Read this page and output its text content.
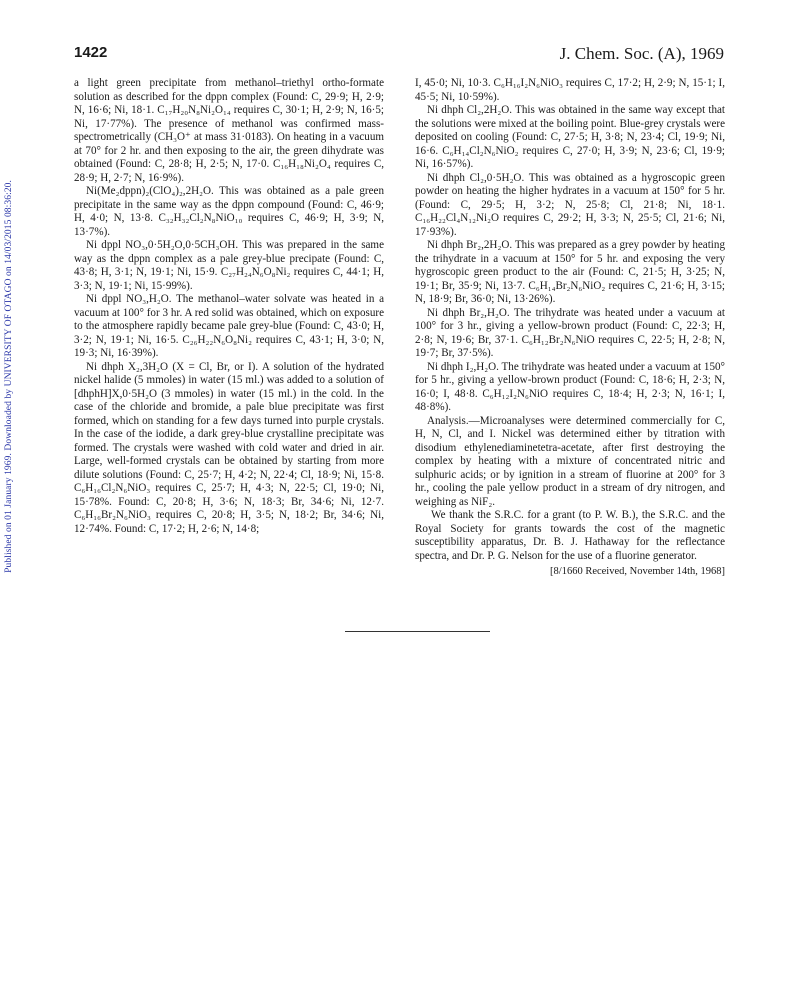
Published on 01 January 1969. Downloaded by UNIVERSITY OF OTAGO on 14/03/2015 08:36:20.
1422	J. Chem. Soc. (A), 1969

a light green precipitate from methanol–triethyl ortho-formate solution as described for the dppn complex (Found: C, 29·9; H, 2·9; N, 16·6; Ni, 18·1. C₁₇H₂₀N₈Ni₂O₁₄ requires C, 30·1; H, 2·9; N, 16·5; Ni, 17·77%). The presence of methanol was confirmed mass-spectrometrically (CH₃O⁺ at mass 31·0183). On heating in a vacuum at 70° for 2 hr. and then exposing to the air, the green dihydrate was obtained (Found: C, 28·8; H, 2·5; N, 17·0. C₁₆H₁₈Ni₂O₄ requires C, 28·9; H, 2·7; N, 16·9%).

Ni(Me₂dppn)₂(ClO₄)₂,2H₂O. This was obtained as a pale green precipitate in the same way as the dppn compound (Found: C, 46·9; H, 4·0; N, 13·8. C₃₂H₃₂Cl₂N₈NiO₁₀ requires C, 46·9; H, 3·9; N, 13·7%).

Ni dppl NO₃,0·5H₂O,0·5CH₃OH. This was prepared in the same way as the dppn complex as a pale grey-blue precipate (Found: C, 43·8; H, 3·1; N, 19·1; Ni, 15·9. C₂₇H₂₄N₆O₈Ni₂ requires C, 44·1; H, 3·3; N, 19·1; Ni, 15·99%).

Ni dppl NO₃,H₂O. The methanol–water solvate was heated in a vacuum at 100° for 3 hr. A red solid was obtained, which on exposure to the atmosphere rapidly became pale grey-blue (Found: C, 43·0; H, 3·2; N, 19·1; Ni, 16·5. C₂₆H₂₂N₆O₈Ni₂ requires C, 43·1; H, 3·0; N, 19·3; Ni, 16·39%).

Ni dhph X₂,3H₂O (X = Cl, Br, or I). A solution of the hydrated nickel halide (5 mmoles) in water (15 ml.) was added to a solution of [dhphH]X,0·5H₂O (3 mmoles) in water (15 ml.) in the cold. In the case of the chloride and bromide, a pale blue precipitate was first formed, which on standing for a few days turned into purple crystals. In the case of the iodide, a dark grey-blue crystalline precipitate was formed. The crystals were washed with cold water and dried in air. Large, well-formed crystals can be obtained by starting from more dilute solutions (Found: C, 25·7; H, 4·2; N, 22·4; Cl, 18·9; Ni, 15·8. C₆H₁₆Cl₂N₆NiO₃ requires C, 25·7; H, 4·3; N, 22·5; Cl, 19·0; Ni, 15·78%. Found: C, 20·8; H, 3·6; N, 18·3; Br, 34·6; Ni, 12·7. C₆H₁₆Br₂N₆NiO₃ requires C, 20·8; H, 3·5; N, 18·2; Br, 34·6; Ni, 12·74%. Found: C, 17·2; H, 2·6; N, 14·8;

I, 45·0; Ni, 10·3. C₆H₁₆I₂N₆NiO₃ requires C, 17·2; H, 2·9; N, 15·1; I, 45·5; Ni, 10·59%).

Ni dhph Cl₂,2H₂O. This was obtained in the same way except that the solutions were mixed at the boiling point. Blue-grey crystals were deposited on cooling (Found: C, 27·5; H, 3·8; N, 23·4; Cl, 19·9; Ni, 16·6. C₆H₁₄Cl₂N₆NiO₂ requires C, 27·0; H, 3·9; N, 23·6; Cl, 19·9; Ni, 16·57%).

Ni dhph Cl₂,0·5H₂O. This was obtained as a hygroscopic green powder on heating the higher hydrates in a vacuum at 150° for 5 hr. (Found: C, 29·5; H, 3·2; N, 25·8; Cl, 21·8; Ni, 18·1. C₁₆H₂₂Cl₄N₁₂Ni₂O requires C, 29·2; H, 3·3; N, 25·5; Cl, 21·6; Ni, 17·93%).

Ni dhph Br₂,2H₂O. This was prepared as a grey powder by heating the trihydrate in a vacuum at 150° for 5 hr. and exposing the very hygroscopic green product to the air (Found: C, 21·5; H, 3·25; N, 19·1; Br, 35·9; Ni, 13·7. C₆H₁₄Br₂N₆NiO₂ requires C, 21·6; H, 3·15; N, 18·9; Br, 36·0; Ni, 13·26%).

Ni dhph Br₂,H₂O. The trihydrate was heated under a vacuum at 100° for 3 hr., giving a yellow-brown product (Found: C, 22·3; H, 2·8; N, 19·6; Br, 37·1. C₆H₁₂Br₂N₆NiO requires C, 22·5; H, 2·8; N, 19·7; Br, 37·5%).

Ni dhph I₂,H₂O. The trihydrate was heated under a vacuum at 150° for 5 hr., giving a yellow-brown product (Found: C, 18·6; H, 2·3; N, 16·0; I, 48·8. C₆H₁₂I₂N₆NiO requires C, 18·4; H, 2·3; N, 16·1; I, 48·8%).

Analysis.—Microanalyses were determined commercially for C, H, N, Cl, and I. Nickel was determined either by titration with disodium ethylenediaminetetra-acetate, after first destroying the complex by heating with a mixture of concentrated nitric and sulphuric acids; or by ignition in a stream of fluorine at 200° for 3 hr., cooling the pale yellow product in a stream of dry nitrogen, and weighing as NiF₂.

We thank the S.R.C. for a grant (to P. W. B.), the S.R.C. and the Royal Society for grants towards the cost of the magnetic susceptibility apparatus, Dr. B. J. Hathaway for the reflectance spectra, and Dr. P. G. Nelson for the use of a fluorine generator.

[8/1660 Received, November 14th, 1968]
